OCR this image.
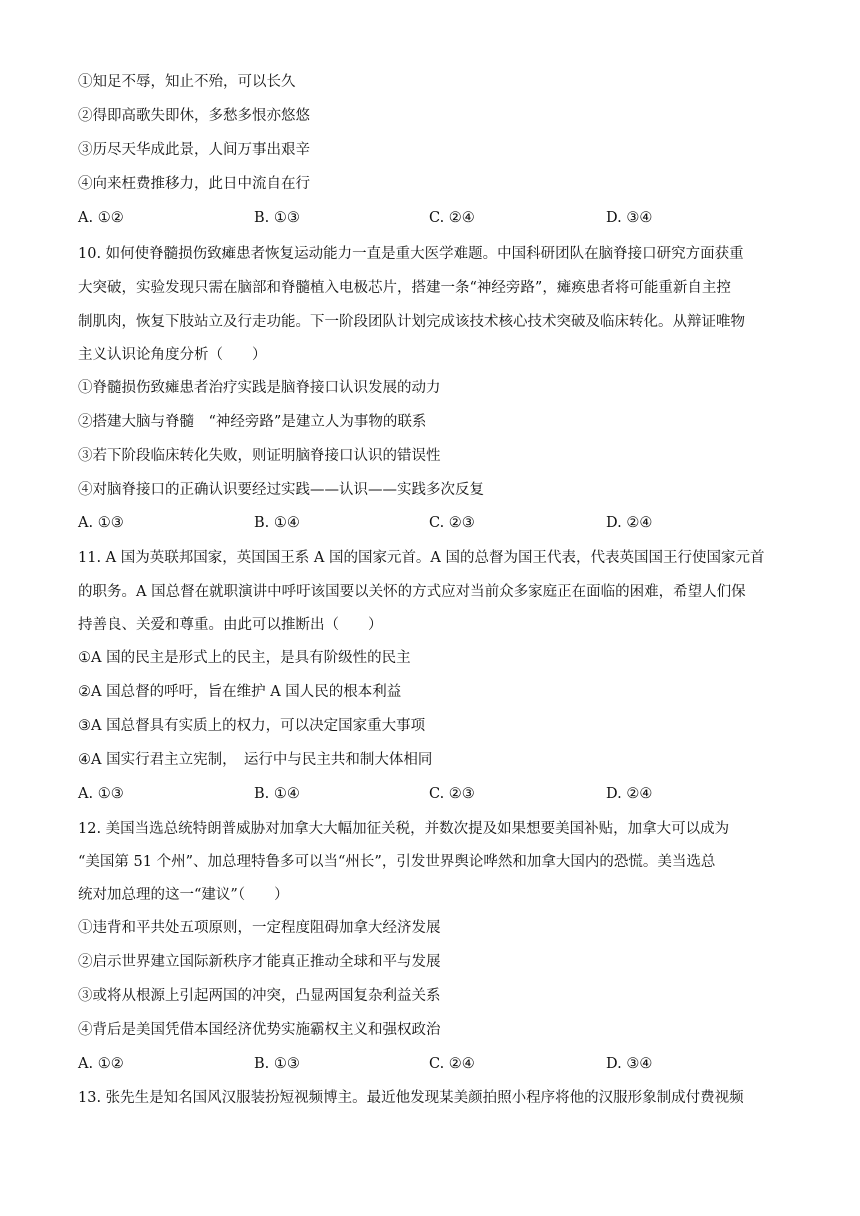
①知足不辱，知止不殆，可以长久
②得即高歌失即休，多愁多恨亦悠悠
③历尽天华成此景，人间万事出艰辛
④向来枉费推移力，此日中流自在行
A. ①②	B. ①③	C. ②④	D. ③④
10. 如何使脊髓损伤致瘫患者恢复运动能力一直是重大医学难题。中国科研团队在脑脊接口研究方面获重
大突破，实验发现只需在脑部和脊髓植入电极芯片，搭建一条“神经旁路”，瘫痪患者将可能重新自主控
制肌肉，恢复下肢站立及行走功能。下一阶段团队计划完成该技术核心技术突破及临床转化。从辩证唯物
主义认识论角度分析（　　）
①脊髓损伤致瘫患者治疗实践是脑脊接口认识发展的动力
②搭建大脑与脊髓　“神经旁路”是建立人为事物的联系
③若下阶段临床转化失败，则证明脑脊接口认识的错误性
④对脑脊接口的正确认识要经过实践——认识——实践多次反复
A. ①③	B. ①④	C. ②③	D. ②④
11. A 国为英联邦国家，英国国王系 A 国的国家元首。A 国的总督为国王代表，代表英国国王行使国家元首
的职务。A 国总督在就职演讲中呼吁该国要以关怀的方式应对当前众多家庭正在面临的困难，希望人们保
持善良、关爱和尊重。由此可以推断出（　　）
①A 国的民主是形式上的民主，是具有阶级性的民主
②A 国总督的呼吁，旨在维护 A 国人民的根本利益
③A 国总督具有实质上的权力，可以决定国家重大事项
④A 国实行君主立宪制，　运行中与民主共和制大体相同
A. ①③	B. ①④	C. ②③	D. ②④
12. 美国当选总统特朗普威胁对加拿大大幅加征关税，并数次提及如果想要美国补贴，加拿大可以成为
“美国第 51 个州”、加总理特鲁多可以当“州长”，引发世界舆论哗然和加拿大国内的恐慌。美当选总
统对加总理的这一“建议”（　　）
①违背和平共处五项原则，一定程度阻碍加拿大经济发展
②启示世界建立国际新秩序才能真正推动全球和平与发展
③或将从根源上引起两国的冲突，凸显两国复杂利益关系
④背后是美国凭借本国经济优势实施霸权主义和强权政治
A. ①②	B. ①③	C. ②④	D. ③④
13. 张先生是知名国风汉服装扮短视频博主。最近他发现某美颜拍照小程序将他的汉服形象制成付费视频
